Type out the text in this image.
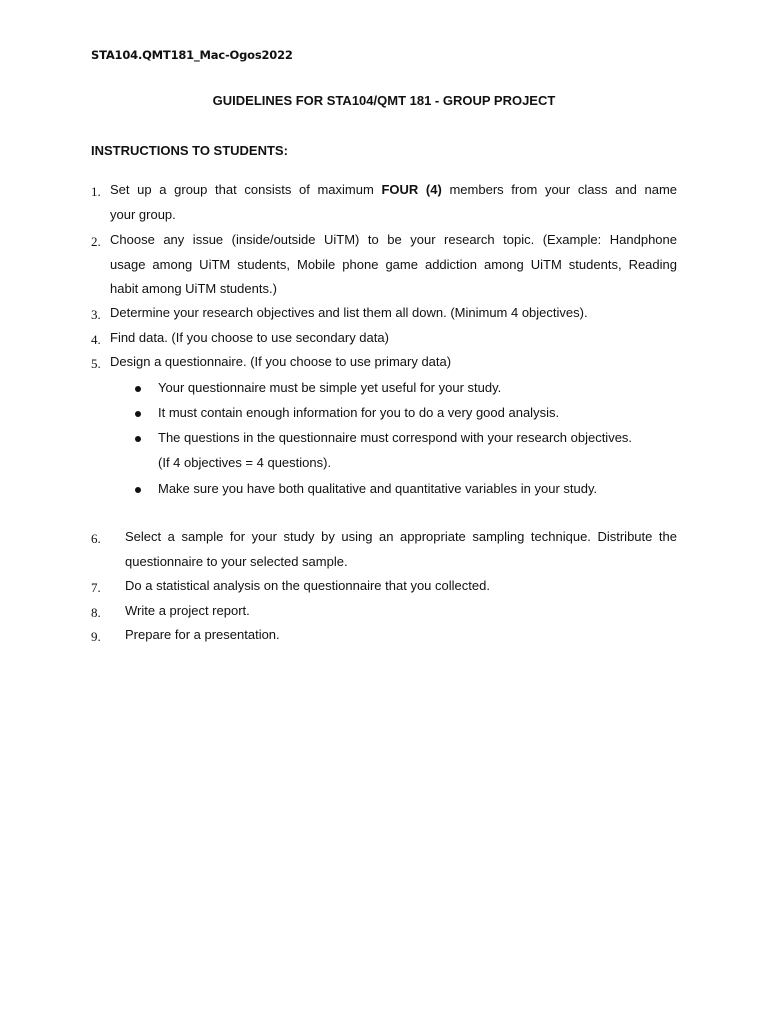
STA104.QMT181_Mac-Ogos2022
GUIDELINES FOR STA104/QMT 181 - GROUP PROJECT
INSTRUCTIONS TO STUDENTS:
1. Set up a group that consists of maximum FOUR (4) members from your class and name
your group.
2. Choose any issue (inside/outside UiTM) to be your research topic. (Example: Handphone
usage among UiTM students, Mobile phone game addiction among UiTM students, Reading
habit among UiTM students.)
3. Determine your research objectives and list them all down. (Minimum 4 objectives).
4. Find data. (If you choose to use secondary data)
5. Design a questionnaire. (If you choose to use primary data)
Your questionnaire must be simple yet useful for your study.
It must contain enough information for you to do a very good analysis.
The questions in the questionnaire must correspond with your research objectives.
(If 4 objectives = 4 questions).
Make sure you have both qualitative and quantitative variables in your study.
6. Select a sample for your study by using an appropriate sampling technique. Distribute the
questionnaire to your selected sample.
7. Do a statistical analysis on the questionnaire that you collected.
8. Write a project report.
9. Prepare for a presentation.
